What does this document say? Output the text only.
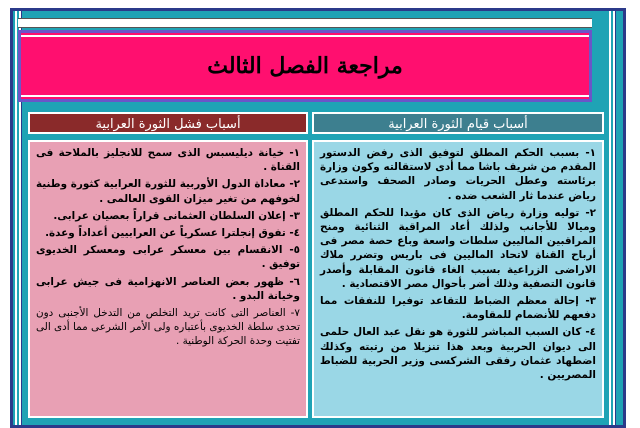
مراجعة الفصل الثالث
أسباب قيام الثورة العرابية

١- بسبب الحكم المطلق لتوفيق الذى رفض الدستور المقدم من شريف باشا مما أدى لاستقالته وكون وزارة برئاسته وعطل الحريات وصادر الصحف واستدعى رياض عندما ثار الشعب ضده .

٢- توليه وزارة رياض الذى كان مؤيدا للحكم المطلق وميالا للأجانب ولذلك أعاد المراقبة الثنائية ومنح المراقبين الماليين سلطات واسعة وباع حصة مصر فى أرباح القناة لاتحاد الماليين فى باريس وتضرر ملاك الاراضى الزراعية بسبب الغاء قانون المقابلة وأصدر قانون التصفية وذلك أضر بأحوال مصر الاقتصادية .

٣- إحالة معظم الضباط للتقاعد توفيرا للنفقات مما دفعهم للأنضمام للمقاومة.

٤- كان السبب المباشر للثورة هو نقل عبد العال حلمى الى ديوان الحربية وبعد هذا تنزيلا من رتبته وكذلك اضطهاد عثمان رفقى الشركسى وزير الحربية للضباط المصريين .

أسباب فشل الثورة العرابية

١- خيانة ديليسبس الذى سمح للانجليز بالملاحة فى القناة .

٢- معاداة الدول الأوربية للثورة العرابية كثورة وطنية لخوفهم من تغير ميزان القوى العالمى .

٣- إعلان السلطان العثمانى قراراً بعصيان عرابى.

٤- تفوق إنجلترا عسكرياً عن العرابيين أعداداً وعدة.

٥- الانقسام بين معسكر عرابى ومعسكر الخديوى توفيق .

٦- ظهور بعض العناصر الانهزامية فى جيش عرابى وخيانة البدو .

٧- العناصر التى كانت تريد التخلص من التدخل الأجنبى دون تحدى سلطة الخديوى بأعتباره ولى الأمر الشرعى مما أدى الى تفتيت وحدة الحركة الوطنية .
